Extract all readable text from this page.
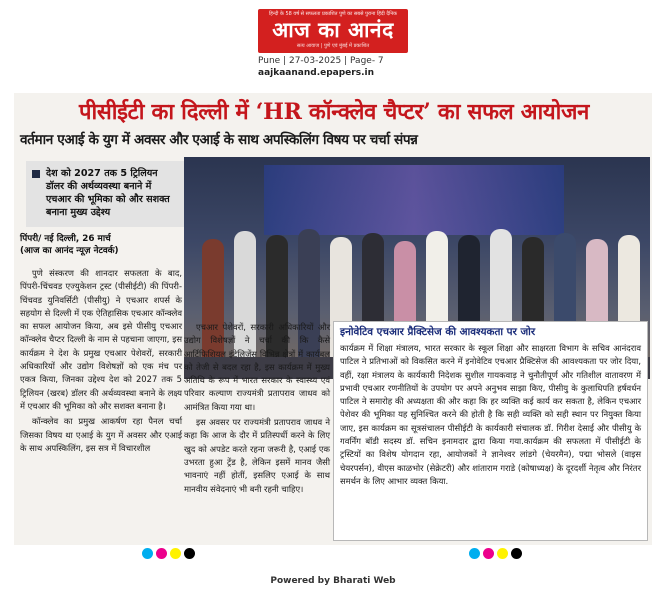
हिन्दी के 58 वर्ष से सफलता प्रकाशित पुणे का सबसे पुराना हिंदी दैनिक
आज का आनंद
सत्य आवाज | पुणे एवं मुंबई में प्रकाशित
Pune | 27-03-2025 | Page- 7
aajkaanand.epapers.in
पीसीईटी का दिल्ली में ‘HR कॉन्क्लेव चैप्टर’ का सफल आयोजन
वर्तमान एआई के युग में अवसर और एआई के साथ अपस्किलिंग विषय पर चर्चा संपन्न
देश को 2027 तक 5 ट्रिलियन डॉलर की अर्थव्यवस्था बनाने में एचआर की भूमिका को और सशक्त बनाना मुख्य उद्देश्य
पिंपरी/ नई दिल्ली, 26 मार्च
(आज का आनंद न्यूज़ नेटवर्क)

पुणे संस्करण की शानदार सफलता के बाद, पिंपरी-चिंचवड एज्युकेशन ट्रस्ट (पीसीईटी) की पिंपरी-चिंचवड युनिवर्सिटी (पीसीयु) ने एचआर शपर्स के सहयोग से दिल्ली में एक ऐतिहासिक एचआर कॉन्क्लेव का सफल आयोजन किया, अब इसे पीसीयु एचआर कॉन्क्लेव चैप्टर दिल्ली के नाम से पहचाना जाएगा, इस कार्यक्रम ने देश के प्रमुख एचआर पेशेवरों, सरकारी अधिकारियों और उद्योग विशेषज्ञों को एक मंच पर एकत्र किया, जिनका उद्देश्य देश को 2027 तक 5 ट्रिलियन (खरब) डॉलर की अर्थव्यवस्था बनाने के लक्ष्य में एचआर की भूमिका को और सशक्त बनाना है।

कॉन्क्लेव का प्रमुख आकर्षण रहा पैनल चर्चा जिसका विषय था एआई के युग में अवसर और एआई के साथ अपस्किलिंग, इस सत्र में विचारशील

एचआर पेशेवरों, सरकारी अधिकारियों और उद्योग विशेषज्ञों ने चर्चा की कि कैसे आर्टिफिशियल इंटेलिजेंस विभिन्न क्षेत्रों में कार्यबल को तेजी से बदल रहा है, इस कार्यक्रम में मुख्य अतिथि के रूप में भारत सरकार के स्वास्थ्य एवं परिवार कल्याण राज्यमंत्री प्रतापराव जाधव को आमंत्रित किया गया था।

इस अवसर पर राज्यमंत्री प्रतापराव जाधव ने कहा कि आज के दौर में प्रतिस्पर्धी करने के लिए खुद को अपडेट करते रहना जरूरी है, एआई एक उभरता हुआ ट्रेंड है, लेकिन इसमें मानव जैसी भावनाएं नहीं होतीं, इसलिए एआई के साथ मानवीय संवेदनाएं भी बनी रहनी चाहिए।

इनोवेटिव एचआर प्रैक्टिसेज की आवश्यकता पर जोर
कार्यक्रम में शिक्षा मंत्रालय, भारत सरकार के स्कूल शिक्षा और साक्षरता विभाग के सचिव आनंदराव पाटिल ने प्रतिभाओं को विकसित करने में इनोवेटिव एचआर प्रैक्टिसेज की आवश्यकता पर जोर दिया, वहीं, रक्षा मंत्रालय के कार्यकारी निदेशक सुशील गायकवाड़ ने चुनौतीपूर्ण और गतिशील वातावरण में प्रभावी एचआर रणनीतियों के उपयोग पर अपने अनुभव साझा किए, पीसीयु के कुलाधिपति हर्षवर्धन पाटिल ने समारोह की अध्यक्षता की और कहा कि हर व्यक्ति कई कार्य कर सकता है, लेकिन एचआर पेशेवर की भूमिका यह सुनिश्चित करने की होती है कि सही व्यक्ति को सही स्थान पर नियुक्त किया जाए, इस कार्यक्रम का सूत्रसंचालन पीसीईटी के कार्यकारी संचालक डॉ. गिरीश देसाई और पीसीयु के गवर्निंग बॉडी सदस्य डॉ. सचिन इनामदार द्वारा किया गया.कार्यक्रम की सफलता में पीसीईटी के ट्रस्टियों का विशेष योगदान रहा, आयोजकों ने ज्ञानेश्वर लांडगे (चेयरमैन), पद्मा भोसले (वाइस चेयरपर्सन), वीएस काळभोर (सेक्रेटरी) और शांताराम गराडे (कोषाध्यक्ष) के दूरदर्शी नेतृत्व और निरंतर समर्थन के लिए आभार व्यक्त किया.
Powered by Bharati Web
